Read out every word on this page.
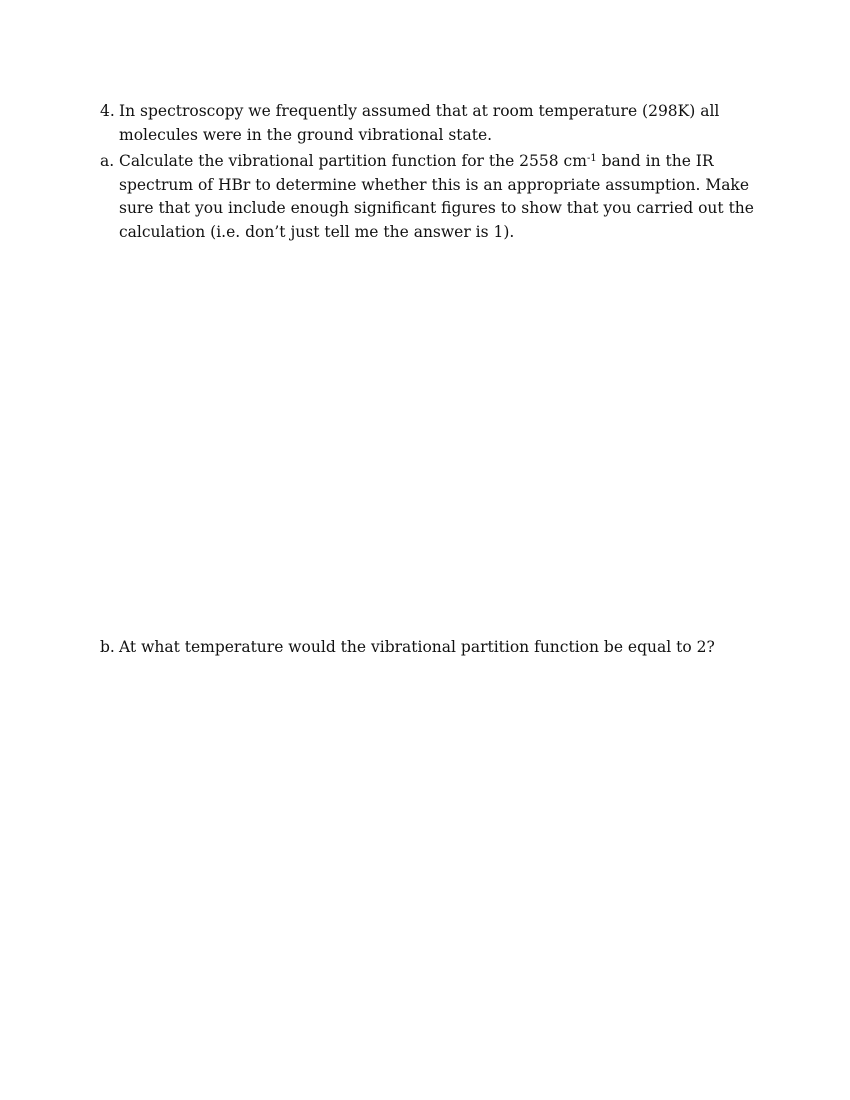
4. In spectroscopy we frequently assumed that at room temperature (298K) all molecules were in the ground vibrational state.
a. Calculate the vibrational partition function for the 2558 $cm^{-1}$ band in the IR spectrum of HBr to determine whether this is an appropriate assumption. Make sure that you include enough significant figures to show that you carried out the calculation (i.e. don’t just tell me the answer is 1).
b. At what temperature would the vibrational partition function be equal to 2?
